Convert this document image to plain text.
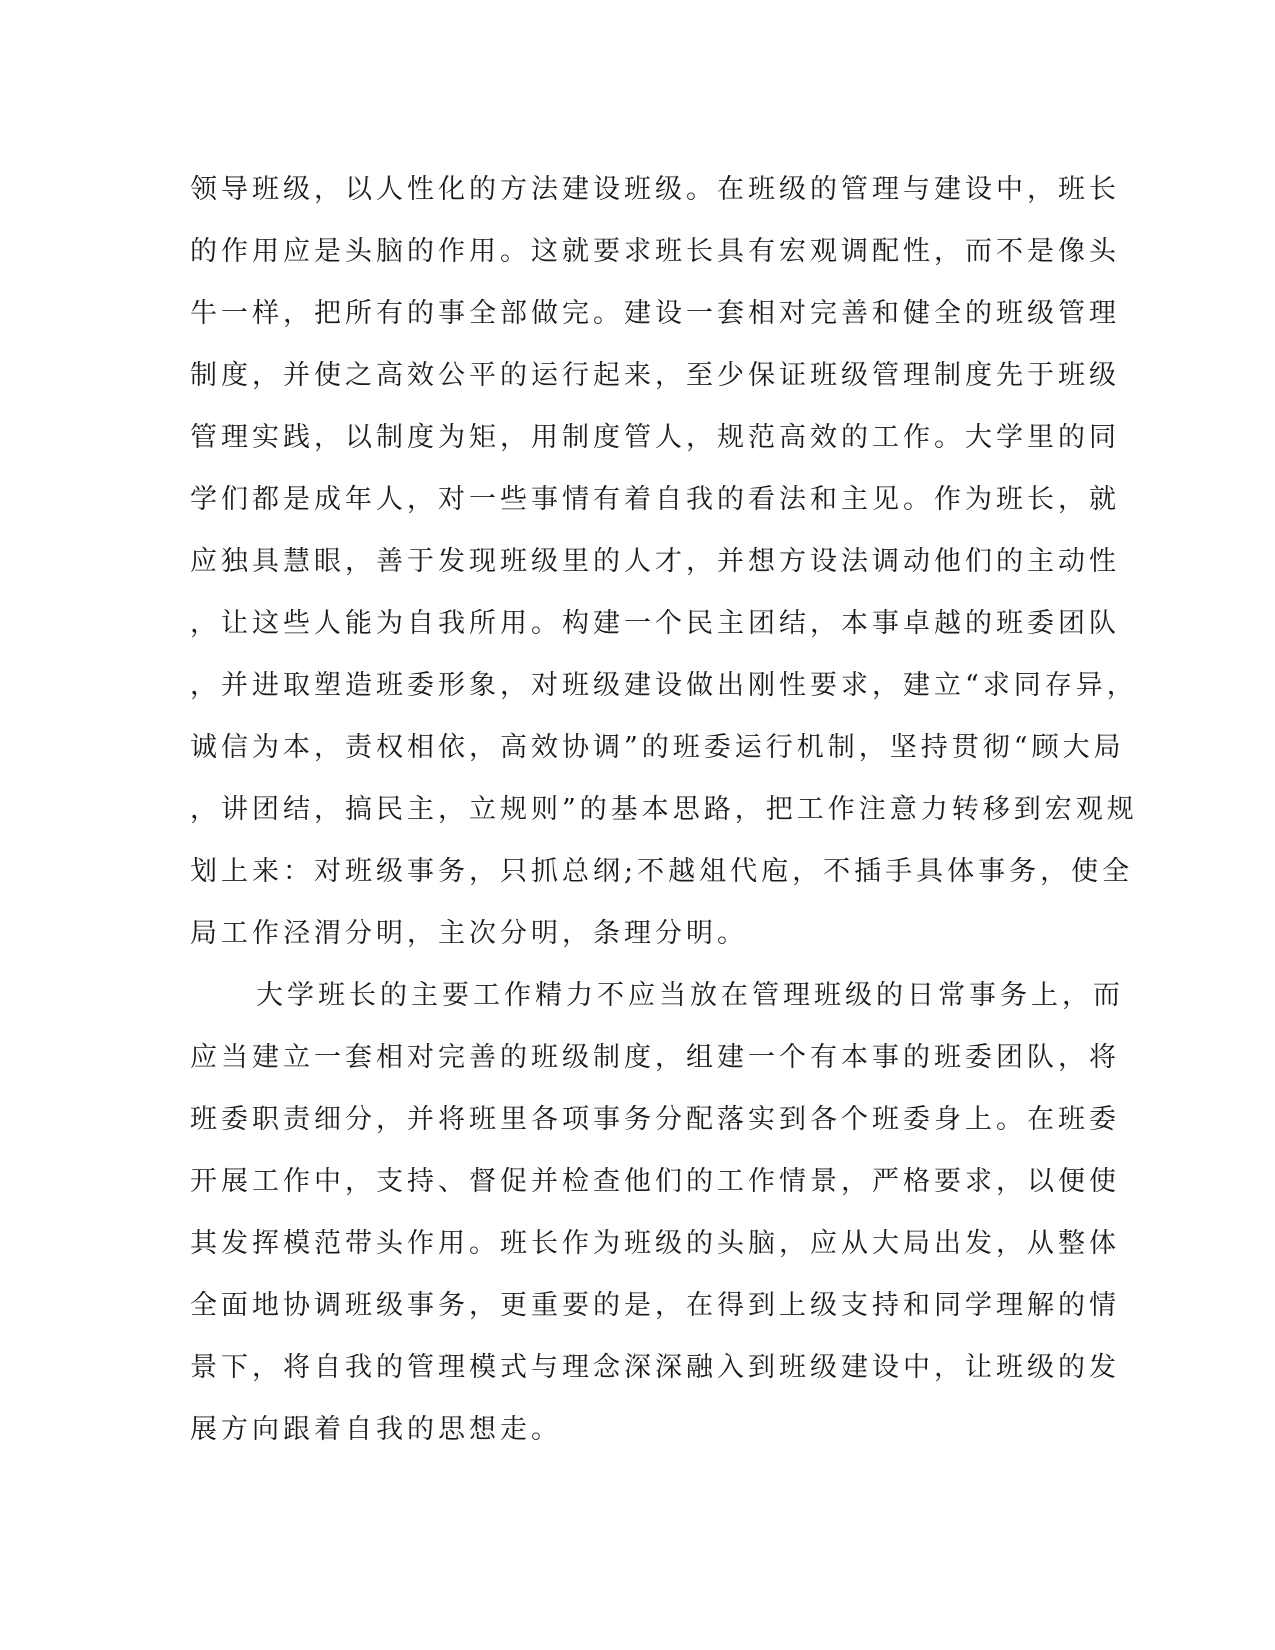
领导班级，以人性化的方法建设班级。在班级的管理与建设中，班长
的作用应是头脑的作用。这就要求班长具有宏观调配性，而不是像头
牛一样，把所有的事全部做完。建设一套相对完善和健全的班级管理
制度，并使之高效公平的运行起来，至少保证班级管理制度先于班级
管理实践，以制度为矩，用制度管人，规范高效的工作。大学里的同
学们都是成年人，对一些事情有着自我的看法和主见。作为班长，就
应独具慧眼，善于发现班级里的人才，并想方设法调动他们的主动性
，让这些人能为自我所用。构建一个民主团结，本事卓越的班委团队
，并进取塑造班委形象，对班级建设做出刚性要求，建立“求同存异，
诚信为本，责权相依，高效协调”的班委运行机制，坚持贯彻“顾大局
，讲团结，搞民主，立规则”的基本思路，把工作注意力转移到宏观规
划上来：对班级事务，只抓总纲;不越俎代庖，不插手具体事务，使全
局工作泾渭分明，主次分明，条理分明。
大学班长的主要工作精力不应当放在管理班级的日常事务上，而
应当建立一套相对完善的班级制度，组建一个有本事的班委团队，将
班委职责细分，并将班里各项事务分配落实到各个班委身上。在班委
开展工作中，支持、督促并检查他们的工作情景，严格要求，以便使
其发挥模范带头作用。班长作为班级的头脑，应从大局出发，从整体
全面地协调班级事务，更重要的是，在得到上级支持和同学理解的情
景下，将自我的管理模式与理念深深融入到班级建设中，让班级的发
展方向跟着自我的思想走。
